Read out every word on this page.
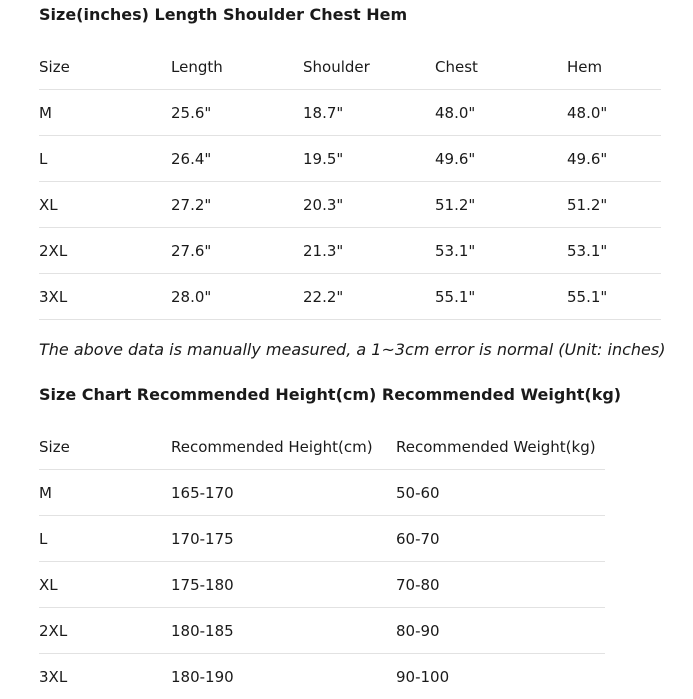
Size(inches) Length Shoulder Chest Hem
Size	Length	Shoulder	Chest	Hem
M	25.6"	18.7"	48.0"	48.0"
L	26.4"	19.5"	49.6"	49.6"
XL	27.2"	20.3"	51.2"	51.2"
2XL	27.6"	21.3"	53.1"	53.1"
3XL	28.0"	22.2"	55.1"	55.1"

The above data is manually measured, a 1~3cm error is normal (Unit: inches)

Size Chart Recommended Height(cm) Recommended Weight(kg)
Size	Recommended Height(cm)	Recommended Weight(kg)
M	165-170	50-60
L	170-175	60-70
XL	175-180	70-80
2XL	180-185	80-90
3XL	180-190	90-100
